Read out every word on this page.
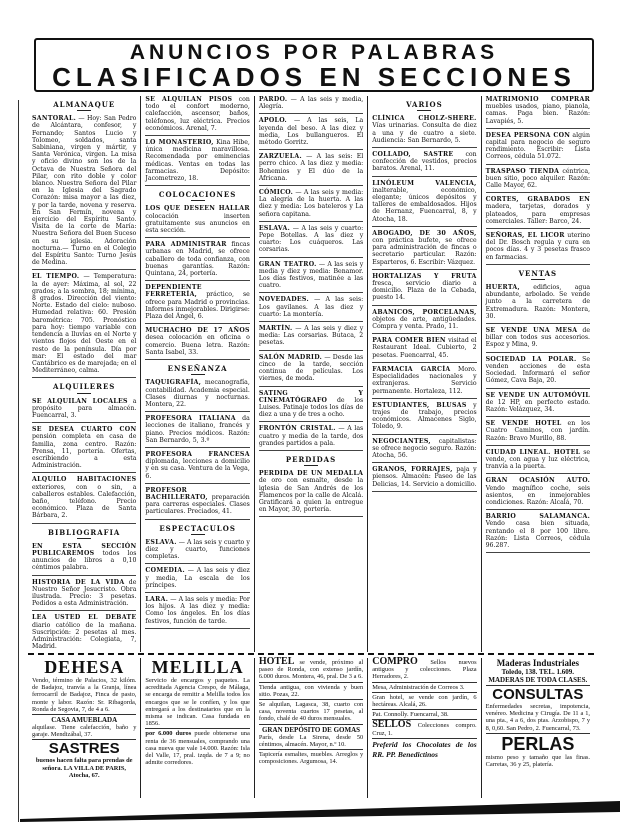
ANUNCIOS POR PALABRAS
CLASIFICADOS EN SECCIONES
ALMANAQUE
SANTORAL. — Hoy: San Pedro de Alcántara, confesor, y Fernando; Santos Lucio y Tolomeo, soldados, santa Sabiniana, virgen y mártir, y Santa Verónica, virgen. La misa y oficio divino son los de la Octava de Nuestra Señora del Pilar, con rito doble y color blanco. Nuestra Señora del Pilar en la Iglesia del Sagrado Corazón: misa mayor a las diez, y por la tarde, novena y reserva. En San Fermín, novena y ejercicio del Espíritu Santo. Visita de la corte de María: Nuestra Señora del Buen Suceso en su iglesia. Adoración nocturna.— Turno en el Colegio del Espíritu Santo: Turno Jesús de Medina.
EL TIEMPO. — Temperatura: la de ayer: Máxima, al sol, 22 grados; a la sombra, 18; mínima, 8 grados. Dirección del viento: Norte. Estado del cielo: nuboso. Humedad relativa: 60. Presión barométrica: 705. Pronóstico para hoy: tiempo variable con tendencia a lluvias en el Norte y vientos flojos del Oeste en el resto de la península. Día por mar: El estado del mar Cantábrico es de marejada; en el Mediterráneo, calma.
ALQUILERES
SE ALQUILAN LOCALES a propósito para almacén. Fuencarral, 3.
SE DESEA CUARTO CON pensión completa en casa de familia, zona centro. Razón: Prensa, 11, portería. Ofertas, escribiendo a esta Administración.
ALQUILO HABITACIONES exteriores, con o sin, a caballeros estables. Calefacción, baño, teléfono. Precio económico. Plaza de Santa Bárbara, 2.
BIBLIOGRAFIA
EN ESTA SECCIÓN PUBLICAREMOS todos los anuncios de libros a 0,10 céntimos palabra.
HISTORIA DE LA VIDA de Nuestro Señor Jesucristo. Obra ilustrada. Precio: 3 pesetas. Pedidos a esta Administración.
LEA USTED EL DEBATE diario católico de la mañana. Suscripción: 2 pesetas al mes. Administración: Colegiata, 7, Madrid.
SE ALQUILAN PISOS con todo el confort moderno, calefacción, ascensor, baños, teléfonos, luz eléctrica. Precios económicos. Arenal, 7.
LO MONASTERIO, Kina Hibe, única medicina maravillosa. Recomendada por eminencias médicas. Ventas en todas las farmacias. Depósito: Jacometrezo, 18.
COLOCACIONES
LOS QUE DESEEN HALLAR colocación inserten gratuitamente sus anuncios en esta sección.
PARA ADMINISTRAR fincas urbanas en Madrid, se ofrece caballero de toda confianza, con buenas garantías. Razón: Quintana, 24, portería.
DEPENDIENTE FERRETERÍA, práctico, se ofrece para Madrid o provincias. Informes inmejorables. Dirigirse: Plaza del Ángel, 6.
MUCHACHO DE 17 AÑOS desea colocación en oficina o comercio. Buena letra. Razón: Santa Isabel, 33.
ENSEÑANZA
TAQUIGRAFÍA, mecanografía, contabilidad. Academia especial. Clases diurnas y nocturnas. Montera, 22.
PROFESORA ITALIANA da lecciones de italiano, francés y piano. Precios módicos. Razón: San Bernardo, 5, 3.º
PROFESORA FRANCESA diplomada, lecciones a domicilio y en su casa. Ventura de la Vega, 6.
PROFESOR BACHILLERATO, preparación para carreras especiales. Clases particulares. Preciados, 41.
ESPECTACULOS
ESLAVA. — A las seis y cuarto y diez y cuarto, funciones completas.
COMEDIA. — A las seis y diez y media, La escala de los príncipes.
LARA. — A las seis y media: Por los hijos. A las diez y media: Como los ángeles. En los días festivos, función de tarde.
PARDO. — A las seis y media, Alegría.
APOLO. — A las seis, La leyenda del beso. A las diez y media, Los bullangueros. El método Gorritz.
ZARZUELA. — A las seis: El perro chico. A las diez y media: Bohemios y El dúo de la Africana.
CÓMICO. — A las seis y media: La alegría de la huerta. A las diez y media: Los bateleros y La señora capitana.
ESLAVA. — A las seis y cuarto: Pepe Botellas. A las diez y cuarto: Los cuáqueros. Las corsarias.
GRAN TEATRO. — A las seis y media y diez y media: Benamor. Los días festivos, matinée a las cuatro.
NOVEDADES. — A las seis: Los gavilanes. A las diez y cuarto: La montería.
MARTÍN. — A las seis y diez y media: Las corsarias. Butaca, 2 pesetas.
SALÓN MADRID. — Desde las cinco de la tarde, sección continua de películas. Los viernes, de moda.
SATING Y CINEMATÓGRAFO de los Luises. Patinaje todos los días de diez a una y de tres a ocho.
FRONTÓN CRISTAL. — A las cuatro y media de la tarde, dos grandes partidos a pala.
PERDIDAS
PERDIDA DE UN MEDALLA de oro con esmalte, desde la iglesia de San Andrés de los Flamencos por la calle de Alcalá. Gratificará a quien la entregue en Mayor, 30, portería.
VARIOS
CLÍNICA CHOLZ-SHERE. Vías urinarias. Consulta de diez a una y de cuatro a siete. Audiencia: San Bernardo, 5.
COLLADO, SASTRE con confección de vestidos, precios baratos. Arenal, 11.
LINÓLEUM VALENCIA, inalterable, económico, elegante; únicos depósitos y talleres de embaldosados. Hijos de Hernanz, Fuencarral, 8, y Atocha, 18.
ABOGADO, DE 30 AÑOS, con práctica bufete, se ofrece para administración de fincas o secretario particular. Razón: Esparteros, 6. Escribir: Vázquez.
HORTALIZAS Y FRUTA fresca, servicio diario a domicilio. Plaza de la Cebada, puesto 14.
ABANICOS, PORCELANAS, objetos de arte, antigüedades. Compra y venta. Prado, 11.
PARA COMER BIEN visitad el Restaurant Ideal. Cubierto, 2 pesetas. Fuencarral, 45.
FARMACIA GARCÍA Moro. Especialidades nacionales y extranjeras. Servicio permanente. Hortaleza, 112.
ESTUDIANTES, BLUSAS y trajes de trabajo, precios económicos. Almacenes Siglo, Toledo, 9.
NEGOCIANTES, capitalistas: se ofrece negocio seguro. Razón: Atocha, 56.
GRANOS, FORRAJES, paja y piensos. Almacén: Paseo de las Delicias, 14. Servicio a domicilio.
MATRIMONIO COMPRAR muebles usados, piano, pianola, camas. Paga bien. Razón: Lavapiés, 5.
DESEA PERSONA CON algún capital para negocio de seguro rendimiento. Escribir: Lista Correos, cédula 51.072.
TRASPASO TIENDA céntrica, buen sitio, poco alquiler. Razón: Calle Mayor, 62.
CORTES, GRABADOS EN madera, tarjetas, dorados y plateados, para empresas comerciales. Taller: Barco, 24.
SEÑORAS, EL LICOR uterino del Dr. Bosch regula y cura en pocos días. 4 y 3 pesetas frasco en farmacias.
VENTAS
HUERTA, edificios, agua abundante, arbolado. Se vende junto a la carretera de Extremadura. Razón: Montera, 30.
SE VENDE UNA MESA de billar con todos sus accesorios. Espoz y Mina, 9.
SOCIEDAD LA POLAR. Se venden acciones de esta Sociedad. Informará el señor Gómez, Cava Baja, 20.
SE VENDE UN AUTOMÓVIL de 12 HP, en perfecto estado. Razón: Velázquez, 34.
SE VENDE HOTEL en los Cuatro Caminos, con jardín. Razón: Bravo Murillo, 88.
CIUDAD LINEAL. HOTEL se vende, con agua y luz eléctrica, tranvía a la puerta.
GRAN OCASIÓN AUTO. Vendo magnífico coche, seis asientos, en inmejorables condiciones. Razón: Alcalá, 70.
BARRIO SALAMANCA. Vendo casa bien situada, rentando el 8 por 100 libre. Razón: Lista Correos, cédula 96.287.
DEHESA
Vendo, término de Palacios, 32 kilóm. de Badajoz, tranvía a la Granja, línea ferrocarril de Badajoz, Finca de pasto, monte y labor. Razón: Sr. Ribagorda, Ronda de Segovia, 7, de 4 a 6.
CASA AMUEBLADA
alquilase. Tiene calefacción, baño y garaje. Mendizábal, 37.
SASTRES
buenos hacen falta para prendas de señora. LA VILLA DE PARIS, Atocha, 67.
MELILLA
Servicio de encargos y paquetes. La acreditada Agencia Crespo, de Málaga, se encarga de remitir a Melilla todos los encargos que se le confíen, y los que entregará a los destinatarios que en la misma se indican. Casa fundada en 1856.
por 6.000 duros puede obtenerse una renta de 36 mensuales, comprando una casa nueva que vale 14.000. Razón: Isla del Valle, 17, pral. izqda. de 7 a 9; no admite corredores.
HOTEL se vende, próximo al paseo de Ronda, con extenso jardín, 6.000 duros. Montera, 46, pral. De 3 a 6.
Tienda antigua, con vivienda y buen sitio. Pozas, 22.
Se alquilan, Lagasca, 38, cuarto con casa, noventa cuartos 17 pesetas, al fondo, chalé de 40 duros mensuales.
GRAN DEPÓSITO DE GOMAS
París, desde La Sirena, desde 50 céntimos, almacén. Mayor, n.º 10.
Tapicería esmaltes, muebles. Arreglos y composiciones. Argumosa, 14.
COMPRO Sellos nuevos antiguos y colecciones. Plaza Herradores, 2.
Mesa, Administración de Correos 3.
Gran hotel, se vende con jardín, 6 hectáreas. Alcalá, 26.
Pat. Connolly. Fuencarral, 38.
SELLOS Colecciones compro. Cruz, 1.
Preferid los Chocolates de los RR. PP. Benedictinos
Maderas Industriales
Toledo, 138. TEL. 1.609.
MADERAS DE TODA CLASES.
CONSULTAS
Enfermedades secretas, impotencia, venéreo. Medicina y Cirugía. De 11 a 1, una pta., 4 a 6, dos ptas. Arzobispo, 7 y 8, 0,60. San Pedro, 2. Fuencarral, 73.
PERLAS
mismo peso y tamaño que las finas. Carretas, 36 y 25, platería.
